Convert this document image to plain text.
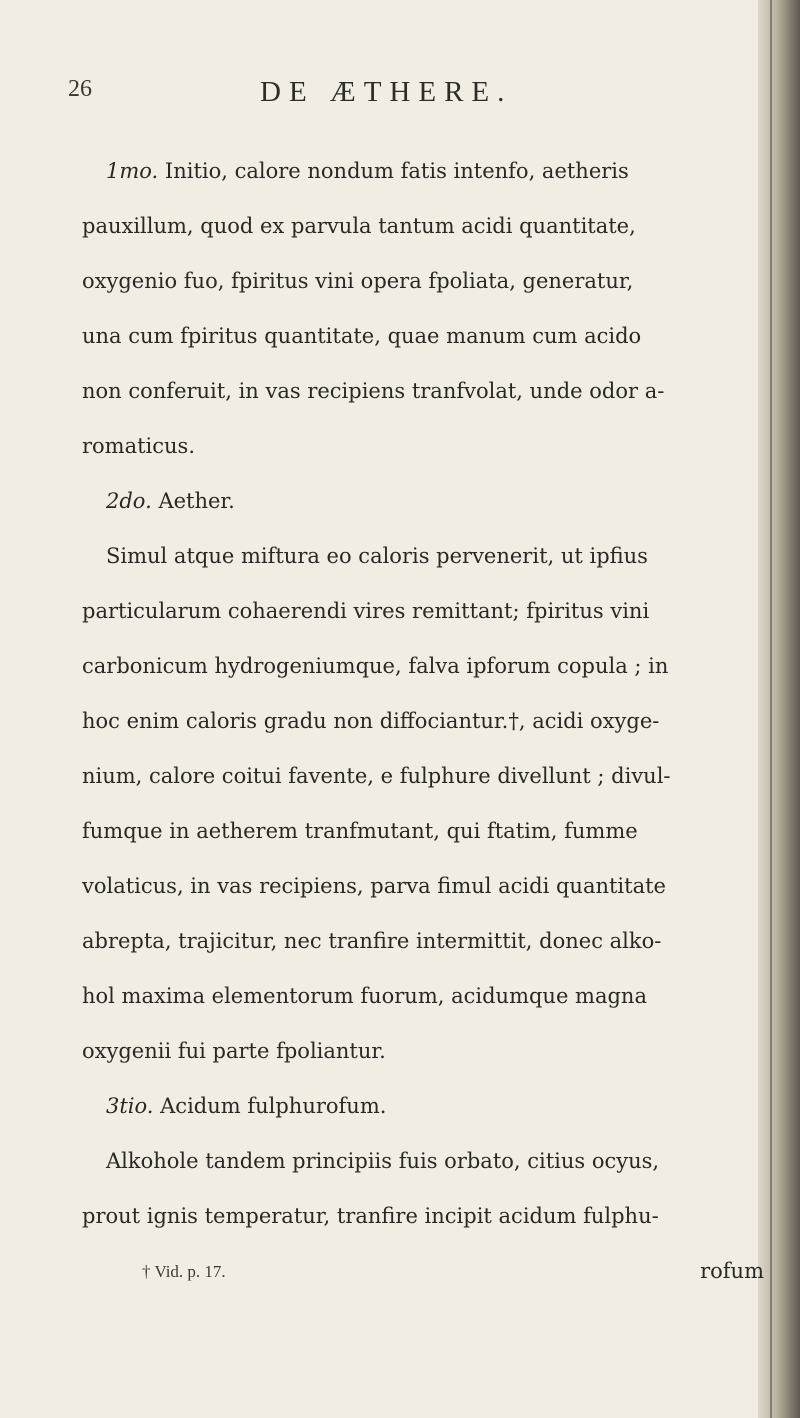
26	DE ÆTHERE.
1mo. Initio, calore nondum fatis intenfo, aetheris
pauxillum, quod ex parvula tantum acidi quantitate,
oxygenio fuo, fpiritus vini opera fpoliata, generatur,
una cum fpiritus quantitate, quae manum cum acido
non conferuit, in vas recipiens tranfvolat, unde odor a-
romaticus.
2do. Aether.
Simul atque miftura eo caloris pervenerit, ut ipfius
particularum cohaerendi vires remittant; fpiritus vini
carbonicum hydrogeniumque, falva ipforum copula ; in
hoc enim caloris gradu non diffociantur.†, acidi oxyge-
nium, calore coitui favente, e fulphure divellunt ; divul-
fumque in aetherem tranfmutant, qui ftatim, fumme
volaticus, in vas recipiens, parva fimul acidi quantitate
abrepta, trajicitur, nec tranfire intermittit, donec alko-
hol maxima elementorum fuorum, acidumque magna
oxygenii fui parte fpoliantur.
3tio. Acidum fulphurofum.
Alkohole tandem principiis fuis orbato, citius ocyus,
prout ignis temperatur, tranfire incipit acidum fulphu-
rofum
† Vid. p. 17.
